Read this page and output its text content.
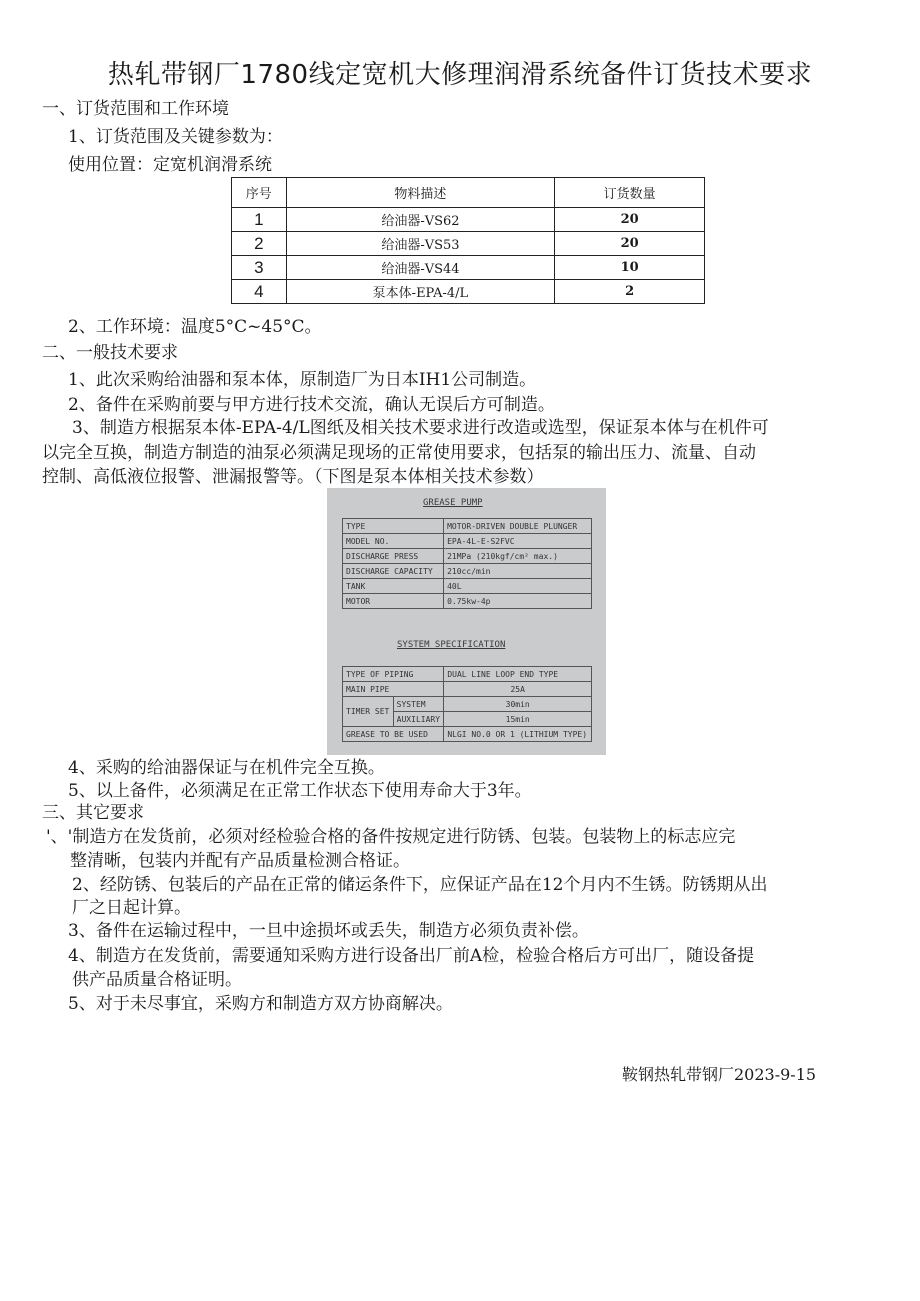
热轧带钢厂1780线定宽机大修理润滑系统备件订货技术要求
一、订货范围和工作环境
1、订货范围及关键参数为：
使用位置：定宽机润滑系统
序号	物料描述	订货数量
1	给油器-VS62	20
2	给油器-VS53	20
3	给油器-VS44	10
4	泵本体-EPA-4/L	2
2、工作环境：温度5°C~45°C。
二、一般技术要求
1、此次采购给油器和泵本体，原制造厂为日本IH1公司制造。
2、备件在采购前要与甲方进行技术交流，确认无误后方可制造。
3、制造方根据泵本体-EPA-4/L图纸及相关技术要求进行改造或选型，保证泵本体与在机件可
以完全互换，制造方制造的油泵必须满足现场的正常使用要求，包括泵的输出压力、流量、自动
控制、高低液位报警、泄漏报警等。（下图是泵本体相关技术参数）
GREASE PUMP
TYPE	MOTOR-DRIVEN DOUBLE PLUNGER
MODEL NO.	EPA-4L-E-S2FVC
DISCHARGE PRESS	21MPa (210kgf/cm² max.)
DISCHARGE CAPACITY	210cc/min
TANK	40L
MOTOR	0.75kw-4p
SYSTEM SPECIFICATION
TYPE OF PIPING		DUAL LINE LOOP END TYPE
MAIN PIPE		25A
TIMER SET	SYSTEM	30min
	AUXILIARY	15min
GREASE TO BE USED		NLGI NO.0 OR 1 (LITHIUM TYPE)
4、采购的给油器保证与在机件完全互换。
5、以上备件，必须满足在正常工作状态下使用寿命大于3年。
三、其它要求
'、'制造方在发货前，必须对经检验合格的备件按规定进行防锈、包装。包装物上的标志应完
整清晰，包装内并配有产品质量检测合格证。
2、经防锈、包装后的产品在正常的储运条件下，应保证产品在12个月内不生锈。防锈期从出
厂之日起计算。
3、备件在运输过程中，一旦中途损坏或丢失，制造方必须负责补偿。
4、制造方在发货前，需要通知采购方进行设备出厂前A检，检验合格后方可出厂，随设备提
供产品质量合格证明。
5、对于未尽事宜，采购方和制造方双方协商解决。
鞍钢热轧带钢厂2023-9-15
